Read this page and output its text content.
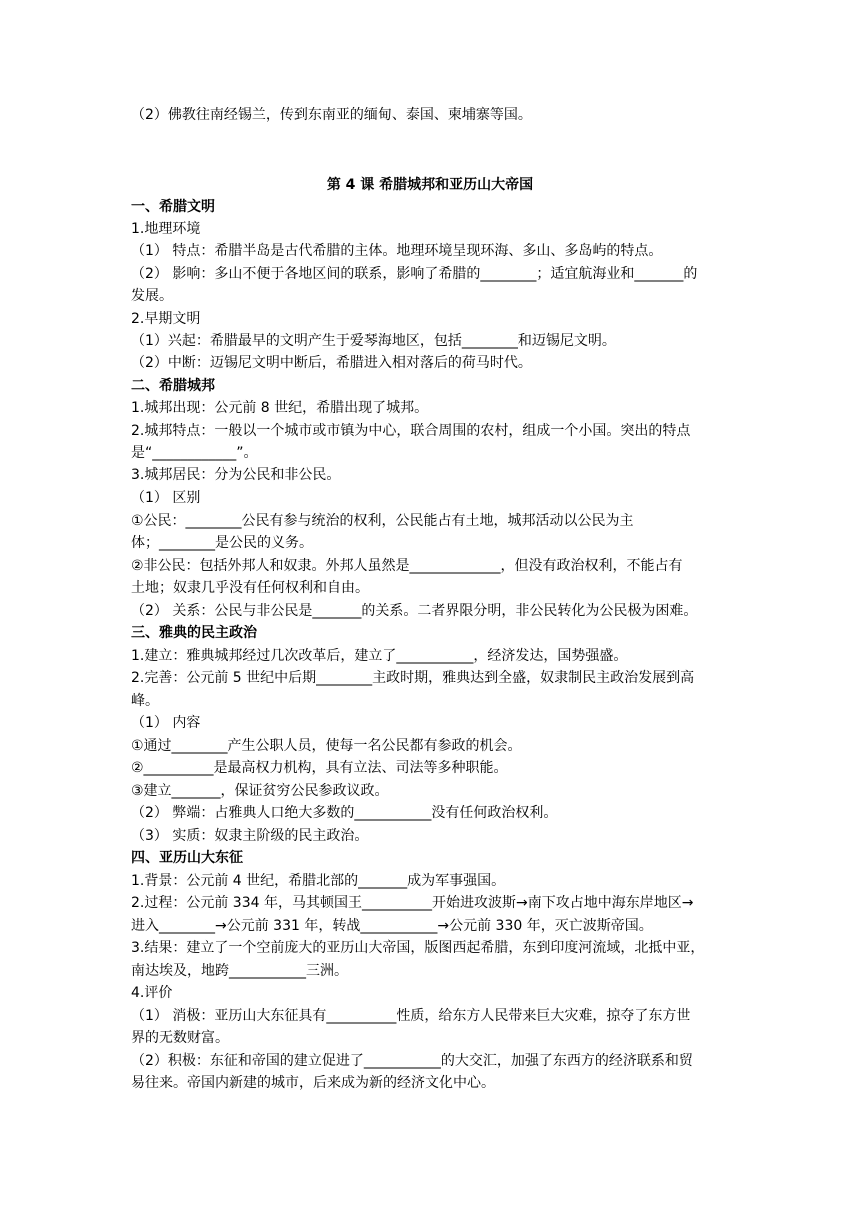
（2）佛教往南经锡兰，传到东南亚的缅甸、泰国、柬埔寨等国。
第 4 课 希腊城邦和亚历山大帝国
一、希腊文明
1.地理环境
（1） 特点：希腊半岛是古代希腊的主体。地理环境呈现环海、多山、多岛屿的特点。
（2） 影响：多山不便于各地区间的联系，影响了希腊的________；适宜航海业和_______的
发展。
2.早期文明
（1）兴起：希腊最早的文明产生于爱琴海地区，包括________和迈锡尼文明。
（2）中断：迈锡尼文明中断后，希腊进入相对落后的荷马时代。
二、希腊城邦
1.城邦出现：公元前 8 世纪，希腊出现了城邦。
2.城邦特点：一般以一个城市或市镇为中心，联合周围的农村，组成一个小国。突出的特点
是“____________”。
3.城邦居民：分为公民和非公民。
（1） 区别
①公民：________公民有参与统治的权利，公民能占有土地，城邦活动以公民为主
体；________是公民的义务。
②非公民：包括外邦人和奴隶。外邦人虽然是_____________，但没有政治权利，不能占有
土地；奴隶几乎没有任何权利和自由。
（2） 关系：公民与非公民是_______的关系。二者界限分明，非公民转化为公民极为困难。
三、雅典的民主政治
1.建立：雅典城邦经过几次改革后，建立了___________，经济发达，国势强盛。
2.完善：公元前 5 世纪中后期________主政时期，雅典达到全盛，奴隶制民主政治发展到高
峰。
（1） 内容
①通过________产生公职人员，使每一名公民都有参政的机会。
②__________是最高权力机构，具有立法、司法等多种职能。
③建立_______，保证贫穷公民参政议政。
（2） 弊端：占雅典人口绝大多数的___________没有任何政治权利。
（3） 实质：奴隶主阶级的民主政治。
四、亚历山大东征
1.背景：公元前 4 世纪，希腊北部的_______成为军事强国。
2.过程：公元前 334 年，马其顿国王__________开始进攻波斯→南下攻占地中海东岸地区→
进入________→公元前 331 年，转战___________→公元前 330 年，灭亡波斯帝国。
3.结果：建立了一个空前庞大的亚历山大帝国，版图西起希腊，东到印度河流域，北抵中亚，
南达埃及，地跨___________三洲。
4.评价
（1） 消极：亚历山大东征具有__________性质，给东方人民带来巨大灾难，掠夺了东方世
界的无数财富。
（2）积极：东征和帝国的建立促进了___________的大交汇，加强了东西方的经济联系和贸
易往来。帝国内新建的城市，后来成为新的经济文化中心。
